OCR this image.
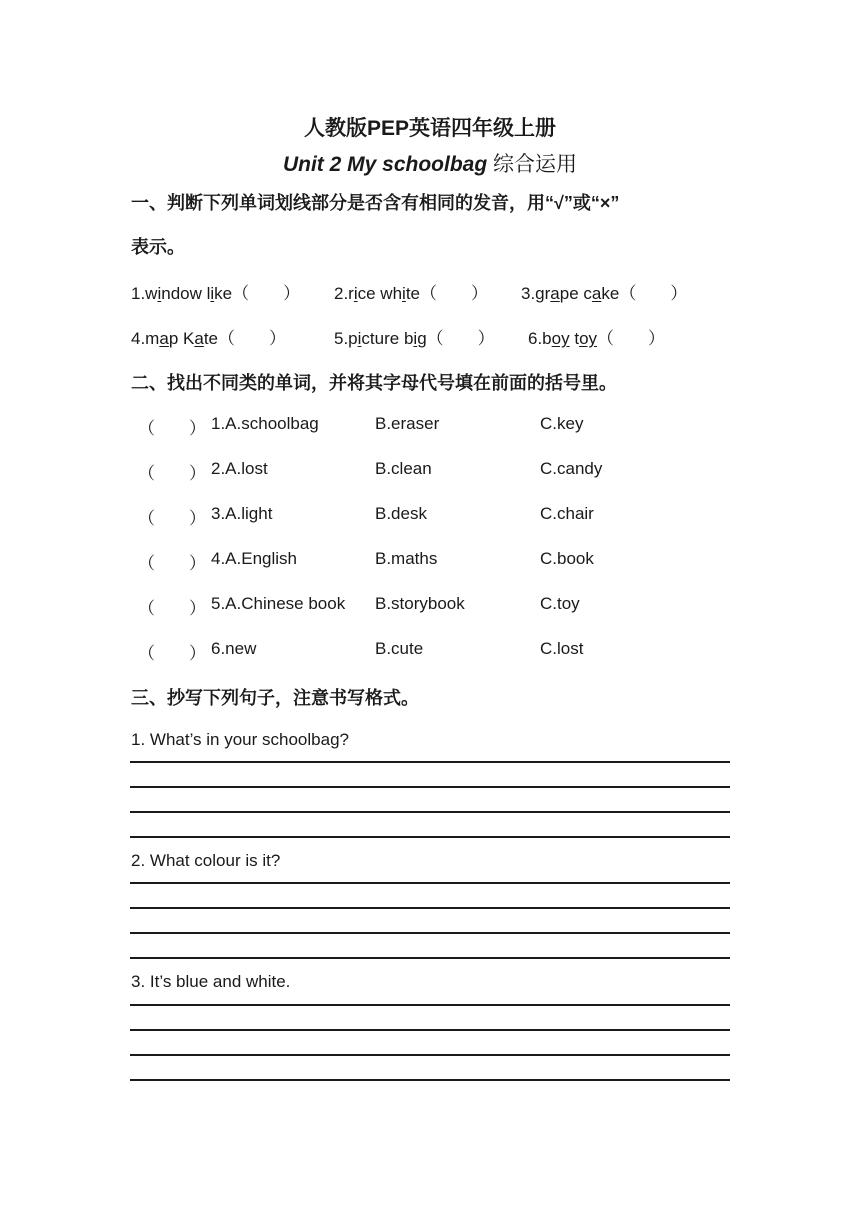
人教版PEP英语四年级上册
Unit 2 My schoolbag 综合运用
一、判断下列单词划线部分是否含有相同的发音，用“√”或“×”
表示。
1.window like（　　） 2.rice white（　　） 3.grape cake（　　）
4.map Kate（　　）	5.picture big（　　） 6.boy toy（　　）
二、找出不同类的单词，并将其字母代号填在前面的括号里。
（　　） 1.A.schoolbag	B.eraser	C.key
（　　） 2.A.lost	B.clean	C.candy
（　　） 3.A.light	B.desk	C.chair
（　　） 4.A.English	B.maths	C.book
（　　） 5.A.Chinese book B.storybook	C.toy
（　　） 6.new	B.cute	C.lost
三、抄写下列句子，注意书写格式。
1. What’s in your schoolbag?
2. What colour is it?
3. It’s blue and white.
